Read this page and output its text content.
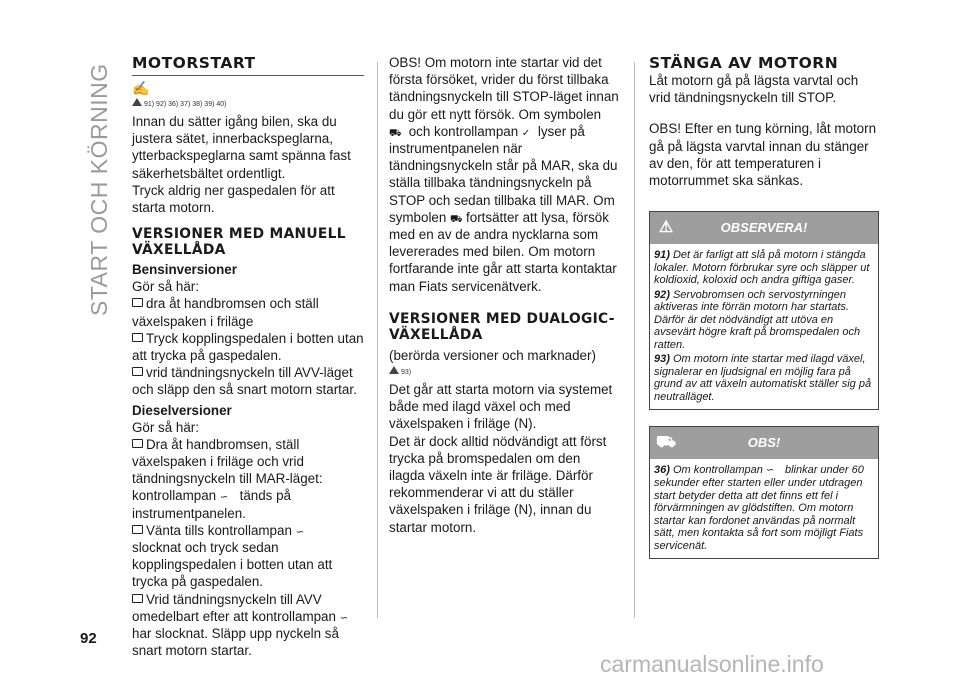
START OCH KÖRNING
92
carmanualsonline.info
MOTORSTART
✍
91) 92) 36) 37) 38) 39) 40)

Innan du sätter igång bilen, ska du justera sätet, innerbackspeglarna, ytterbackspeglarna samt spänna fast säkerhetsbältet ordentligt.

Tryck aldrig ner gaspedalen för att starta motorn.

VERSIONER MED MANUELL VÄXELLÅDA
Bensinversioner

Gör så här:

dra åt handbromsen och ställ växelspaken i friläge

Tryck kopplingspedalen i botten utan att trycka på gaspedalen.

vrid tändningsnyckeln till AVV-läget och släpp den så snart motorn startar.

Dieselversioner

Gör så här:

Dra åt handbromsen, ställ växelspaken i friläge och vrid tändningsnyckeln till MAR-läget: kontrollampan ∽ tänds på instrumentpanelen.

Vänta tills kontrollampan ∽ slocknat och tryck sedan kopplingspedalen i botten utan att trycka på gaspedalen.

Vrid tändningsnyckeln till AVV omedelbart efter att kontrollampan ∽ har slocknat. Släpp upp nyckeln så snart motorn startar.

OBS! Om motorn inte startar vid det första försöket, vrider du först tillbaka tändningsnyckeln till STOP-läget innan du gör ett nytt försök. Om symbolen ⛟ och kontrollampan ✓ lyser på instrumentpanelen när tändningsnyckeln står på MAR, ska du ställa tillbaka tändningsnyckeln på STOP och sedan tillbaka till MAR. Om symbolen ⛟ fortsätter att lysa, försök med en av de andra nycklarna som levererades med bilen. Om motorn fortfarande inte går att starta kontaktar man Fiats servicenätverk.

VERSIONER MED DUALOGIC-VÄXELLÅDA

(berörda versioner och marknader)

93)

Det går att starta motorn via systemet både med ilagd växel och med växelspaken i friläge (N).

Det är dock alltid nödvändigt att först trycka på bromspedalen om den ilagda växeln inte är friläge. Därför rekommenderar vi att du ställer växelspaken i friläge (N), innan du startar motorn.

STÄNGA AV MOTORN

Låt motorn gå på lägsta varvtal och vrid tändningsnyckeln till STOP.

OBS! Efter en tung körning, låt motorn gå på lägsta varvtal innan du stänger av den, för att temperaturen i motorrummet ska sänkas.

⚠	OBSERVERA!

91) Det är farligt att slå på motorn i stängda lokaler. Motorn förbrukar syre och släpper ut koldioxid, koloxid och andra giftiga gaser.

92) Servobromsen och servostyrningen aktiveras inte förrän motorn har startats. Därför är det nödvändigt att utöva en avsevärt högre kraft på bromspedalen och ratten.

93) Om motorn inte startar med ilagd växel, signalerar en ljudsignal en möjlig fara på grund av att växeln automatiskt ställer sig på neutralläget.

⛟	OBS!

36) Om kontrollampan ∽ blinkar under 60 sekunder efter starten eller under utdragen start betyder detta att det finns ett fel i förvärmningen av glödstiften. Om motorn startar kan fordonet användas på normalt sätt, men kontakta så fort som möjligt Fiats servicenät.
